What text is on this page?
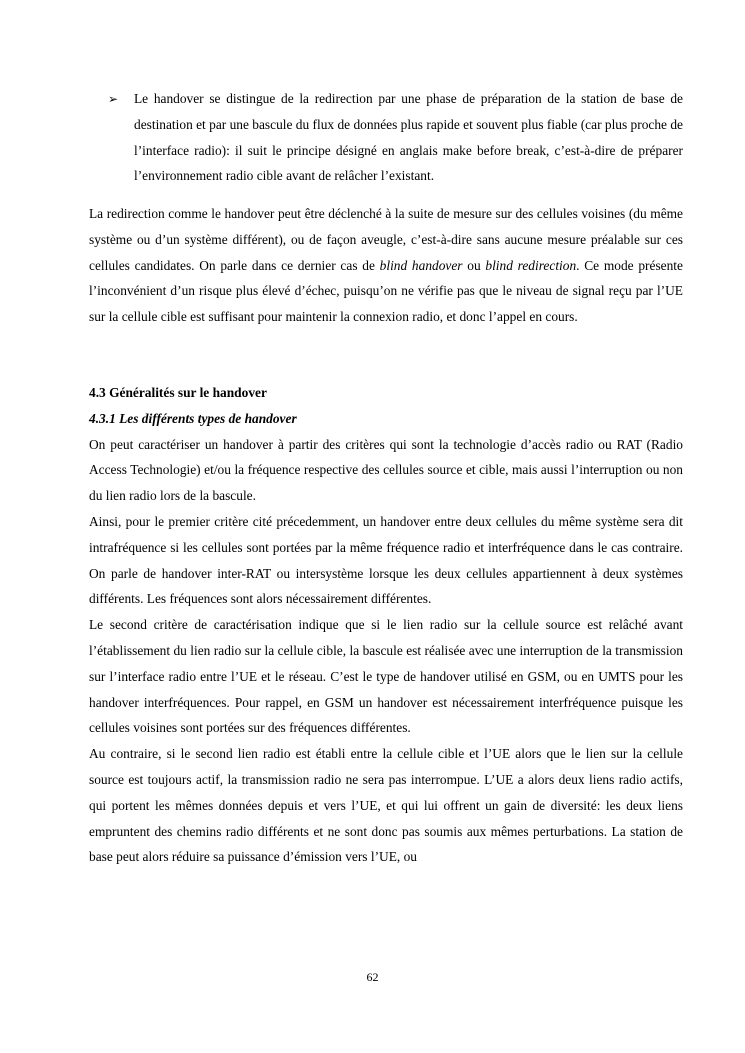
➢ Le handover se distingue de la redirection par une phase de préparation de la station de base de destination et par une bascule du flux de données plus rapide et souvent plus fiable (car plus proche de l’interface radio): il suit le principe désigné en anglais make before break, c’est-à-dire de préparer l’environnement radio cible avant de relâcher l’existant.

La redirection comme le handover peut être déclenché à la suite de mesure sur des cellules voisines (du même système ou d’un système différent), ou de façon aveugle, c’est-à-dire sans aucune mesure préalable sur ces cellules candidates. On parle dans ce dernier cas de blind handover ou blind redirection. Ce mode présente l’inconvénient d’un risque plus élevé d’échec, puisqu’on ne vérifie pas que le niveau de signal reçu par l’UE sur la cellule cible est suffisant pour maintenir la connexion radio, et donc l’appel en cours.

4.3 Généralités sur le handover

4.3.1 Les différents types de handover

On peut caractériser un handover à partir des critères qui sont la technologie d’accès radio ou RAT (Radio Access Technologie) et/ou la fréquence respective des cellules source et cible, mais aussi l’interruption ou non du lien radio lors de la bascule.

Ainsi, pour le premier critère cité précedemment, un handover entre deux cellules du même système sera dit intrafréquence si les cellules sont portées par la même fréquence radio et interfréquence dans le cas contraire. On parle de handover inter-RAT ou intersystème lorsque les deux cellules appartiennent à deux systèmes différents. Les fréquences sont alors nécessairement différentes.

Le second critère de caractérisation indique que si le lien radio sur la cellule source est relâché avant l’établissement du lien radio sur la cellule cible, la bascule est réalisée avec une interruption de la transmission sur l’interface radio entre l’UE et le réseau. C’est le type de handover utilisé en GSM, ou en UMTS pour les handover interfréquences. Pour rappel, en GSM un handover est nécessairement interfréquence puisque les cellules voisines sont portées sur des fréquences différentes.

Au contraire, si le second lien radio est établi entre la cellule cible et l’UE alors que le lien sur la cellule source est toujours actif, la transmission radio ne sera pas interrompue. L’UE a alors deux liens radio actifs, qui portent les mêmes données depuis et vers l’UE, et qui lui offrent un gain de diversité: les deux liens empruntent des chemins radio différents et ne sont donc pas soumis aux mêmes perturbations. La station de base peut alors réduire sa puissance d’émission vers l’UE, ou

62
